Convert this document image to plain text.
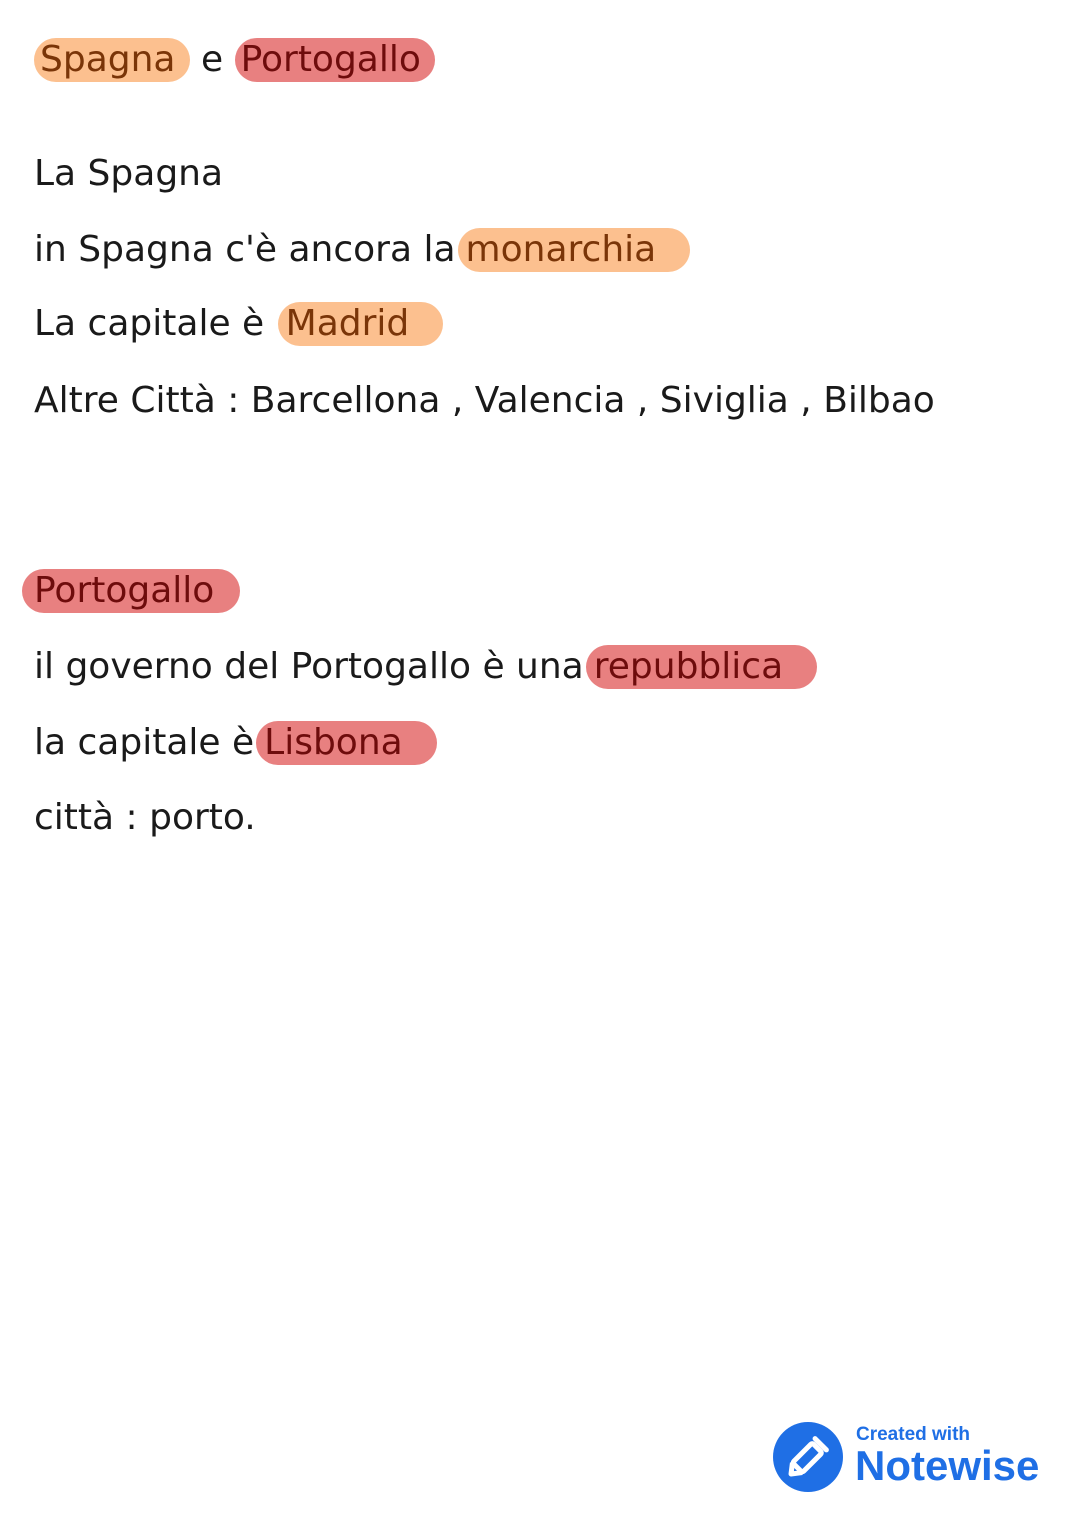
Spagna e Portogallo
La Spagna
in Spagna c'è ancora la monarchia
La capitale è Madrid
Altre Città : Barcellona , Valencia , Siviglia , Bilbao
Portogallo
il governo del Portogallo è una repubblica
la capitale è Lisbona
città : porto.
Created with
Notewise
